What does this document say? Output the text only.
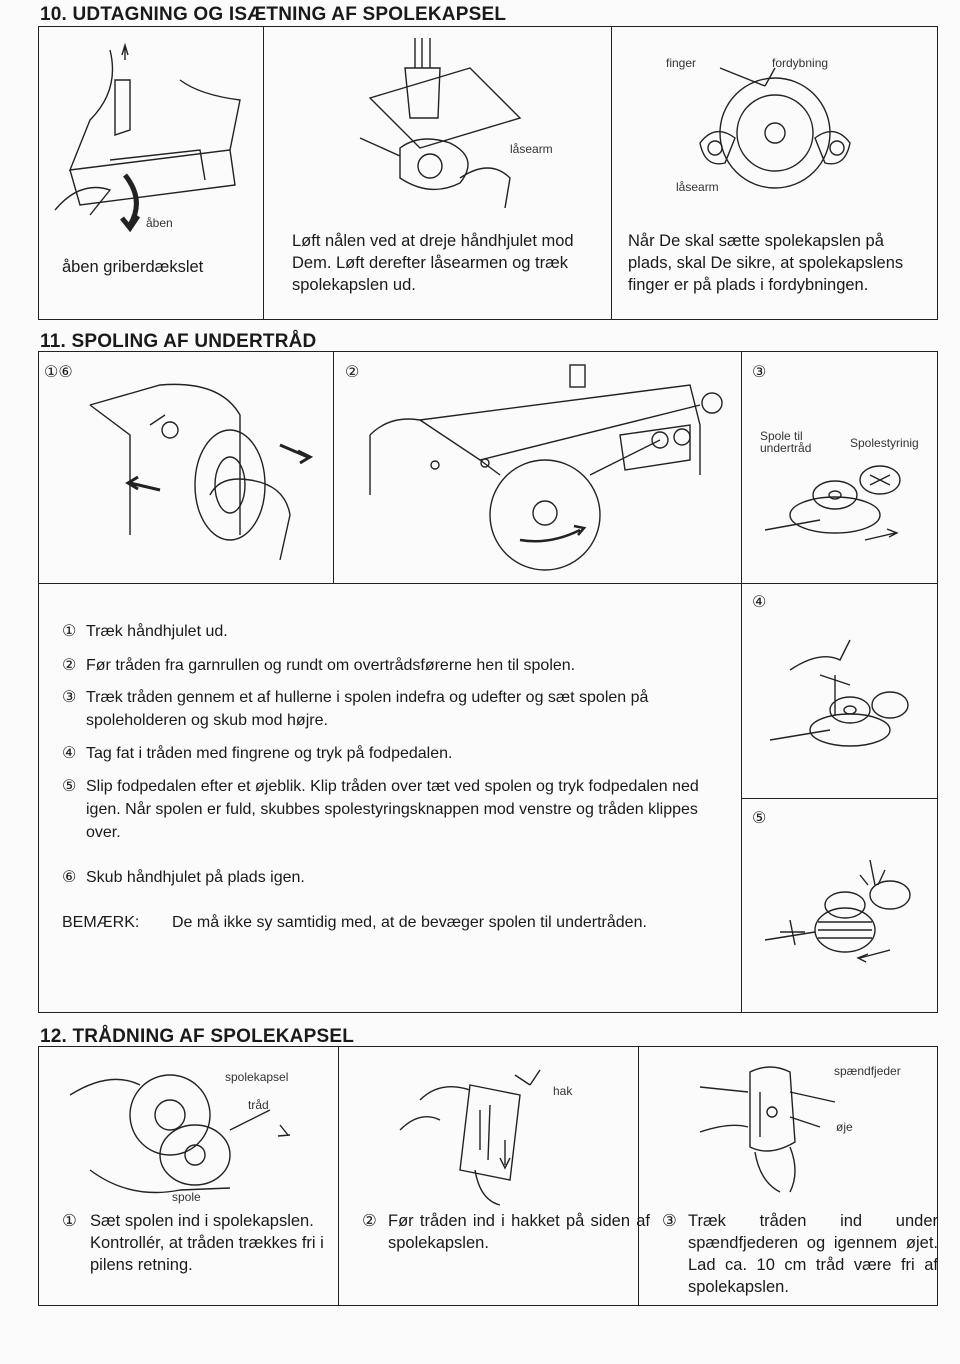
10. UDTAGNING OG ISÆTNING AF SPOLEKAPSEL
åben
åben griberdækslet
låsearm
Løft nålen ved at dreje håndhjulet mod Dem. Løft derefter låsearmen og træk spolekapslen ud.
finger	fordybning
låsearm
Når De skal sætte spolekapslen på plads, skal De sikre, at spolekapslens finger er på plads i fordybningen.
11. SPOLING AF UNDERTRÅD
①⑥	②	③
Spole til undertråd	Spolestyrinig
① Træk håndhjulet ud.
② Før tråden fra garnrullen og rundt om overtrådsførerne hen til spolen.
③ Træk tråden gennem et af hullerne i spolen indefra og udefter og sæt spolen på spoleholderen og skub mod højre.
④ Tag fat i tråden med fingrene og tryk på fodpedalen.
⑤ Slip fodpedalen efter et øjeblik. Klip tråden over tæt ved spolen og tryk fodpedalen ned igen. Når spolen er fuld, skubbes spolestyringsknappen mod venstre og tråden klippes over.
⑥ Skub håndhjulet på plads igen.
BEMÆRK: De må ikke sy samtidig med, at de bevæger spolen til undertråden.
④
⑤
12. TRÅDNING AF SPOLEKAPSEL
spolekapsel
tråd
spole
① Sæt spolen ind i spolekapslen. Kontrollér, at tråden trækkes fri i pilens retning.
hak
② Før tråden ind i hakket på siden af spolekapslen.
spændfjeder
øje
③ Træk tråden ind under spændfjederen og igennem øjet. Lad ca. 10 cm tråd være fri af spolekapslen.
